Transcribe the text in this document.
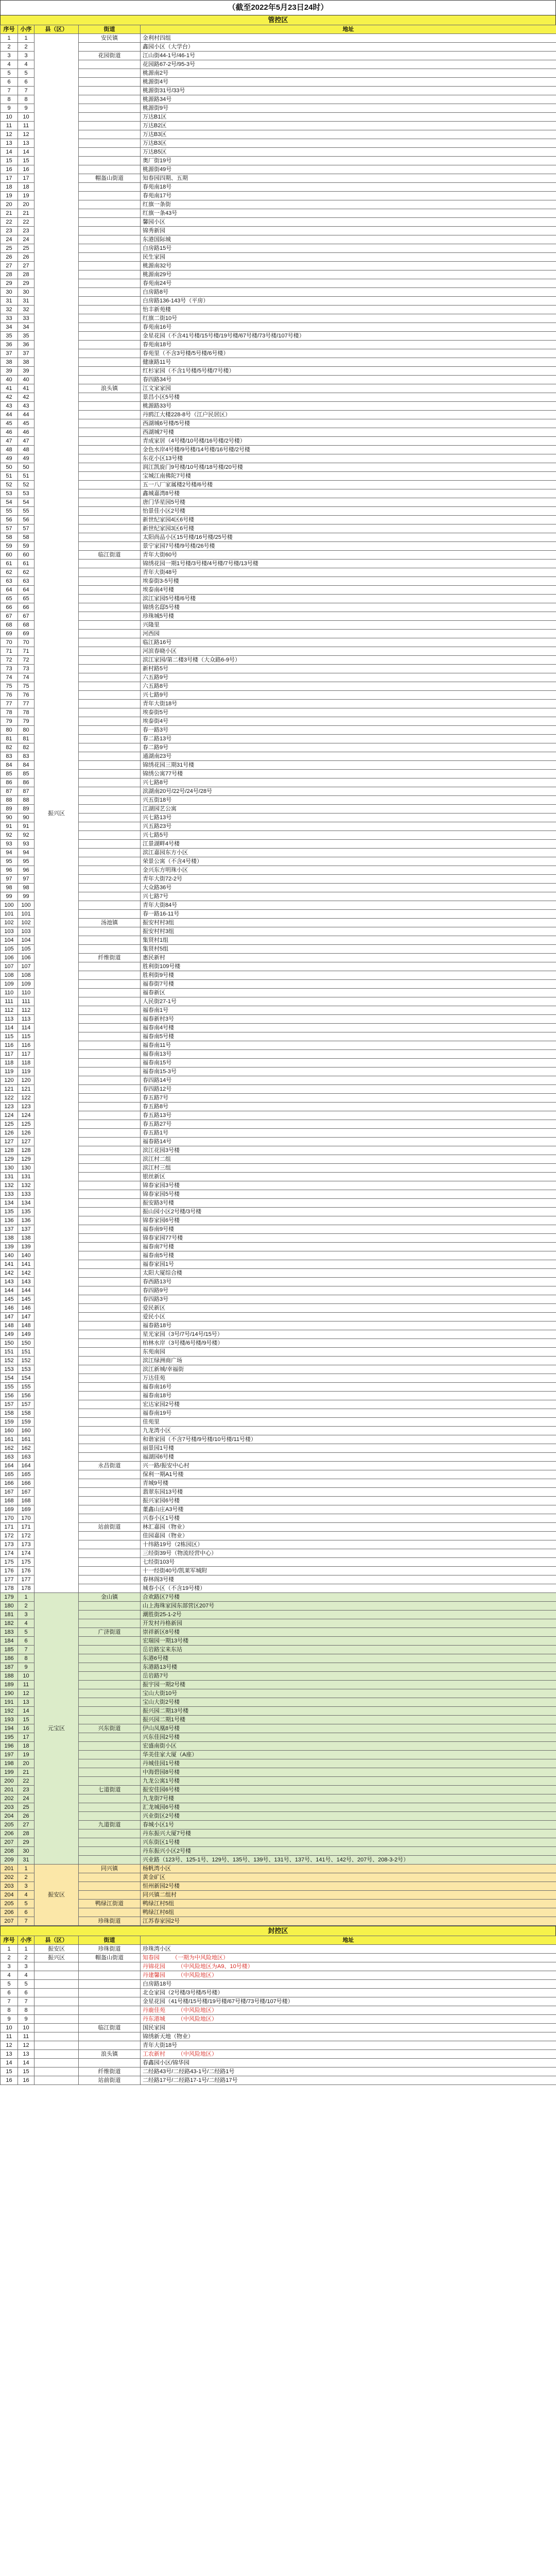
（截至2022年5月23日24时）
管控区
序号	小序	县（区）	街道	地址
1	1	振兴区	安民镇	金利村四组
2	2			鑫园小区（大学台）
3	3		花园街道	江山街44-1号/46-1号
4	4			花园路67-2号/95-3号
5	5			桃源南2号
6	6			桃源街4号
7	7			桃源街31号/33号
8	8			桃源路34号
9	9			桃源街9号
10	10			万达B1区
11	11			万达B2区
12	12			万达B3区
13	13			万达B3区
14	14			万达B5区
15	15			奥厂街19号
16	16			桃源街49号
17	17		帽盔山街道	知春园四期、五期
18	18			春苑南18号
19	19			春苑南17号
20	20			红旗一条街
21	21			红旗一条43号
22	22			馨园小区
23	23			锦秀新园
24	24			东港国际城
25	25			白房路15号
26	26			民生家园
27	27			桃源南32号
28	28			桃源南29号
29	29			春苑南24号
30	30			白房路8号
31	31			白房路136-143号（平房）
32	32			怡丰新苑楼
33	33			红旗二街10号
34	34			春苑南16号
35	35			金星花园（不含41号楼/15号楼/19号楼/67号楼/73号楼/107号楼）
36	36			春苑南18号
37	37			春苑里（不含3号楼/5号楼/6号楼）
38	38			健康路11号
39	39			红杉家园（不含1号楼/5号楼/7号楼）
40	40			春四路34号
41	41		浪头镇	江文家家园
42	42			景昌小区5号楼
43	43			桃源路33号
44	44			丹鸥江大楼228-8号（江户民居区）
45	45			西湖城6号楼/5号楼
46	46			西湖城7号楼
47	47			青成家居（4号楼/10号楼/16号楼/2号楼）
48	48			金色水岸4号楼/9号楼/14号楼/16号楼/2号楼
49	49			东花小区13号楼
50	50			润江凯旋门9号楼/10号楼/18号楼/20号楼
51	51			宝城江南佛陀7号楼
52	52			五一八厂家属楼2号楼/6号楼
53	53			鑫城嘉湾8号楼
54	54			唐门华星园5号楼
55	55			怡景佳小区2号楼
56	56			新世纪家园4区6号楼
57	57			新世纪家园3区6号楼
58	58			太阳尚品小区15号楼/16号楼/25号楼
59	59			景宁家园7号楼/9号楼/26号楼
60	60		临江街道	青年大街60号
61	61			锦绣花园一期1号楼/3号楼/4号楼/7号楼/13号楼
62	62			青年大街48号
63	63			埃泰街3-5号楼
64	64			埃泰南4号楼
65	65			滨江家园5号楼/6号楼
66	66			锦绣名邸5号楼
67	67			珍珠城5号楼
68	68			兴隆里
69	69			河西园
70	70			临江路16号
71	71			河滨春晓小区
72	72			滨江家园/第二楼3号楼（大众路6-9号）
73	73			新村路5号
74	74			六五路9号
75	75			六五路8号
76	76			兴七路9号
77	77			青年大街18号
78	78			埃泰街5号
79	79			埃泰街4号
80	80			春一路3号
81	81			春二路13号
82	82			春二路9号
83	83			通湖南23号
84	84			锦绣花园三期31号楼
85	85			锦绣公寓77号楼
86	86			兴七路8号
87	87			滨湖南20号/22号/24号/28号
88	88			兴五街18号
89	89			江湖园艺公寓
90	90			兴七路13号
91	91			兴五路23号
92	92			兴七路5号
93	93			江景湖畔4号楼
94	94			滨江嘉园东方小区
95	95			荣景公寓（不含4号楼）
96	96			金兴东方明珠小区
97	97			青年大街72-2号
98	98			大众路36号
99	99			兴七路7号
100	100			青年大街84号
101	101			春一路16-11号
102	102		汤池镇	振安村村3组
103	103			振安村村3组
104	104			集贤村1组
105	105			集贤村5组
106	106		纤维街道	惠民新村
107	107			胜利街109号楼
108	108			胜利街9号楼
109	109			福春街7号楼
110	110			福春新区
111	111			人民街27-1号
112	112			福春南1号
113	113			福春新村3号
114	114			福春南4号楼
115	115			福春南5号楼
116	116			福春南11号
117	117			福春南13号
118	118			福春南15号
119	119			福春南15-3号
120	120			春四路14号
121	121			春四路12号
122	122			春五路7号
123	123			春五路8号
124	124			春五路13号
125	125			春五路27号
126	126			春五路1号
127	127			福春路14号
128	128			滨江花园3号楼
129	129			滨江村二组
130	130			滨江村三组
131	131			银丝新区
132	132			锦春家园3号楼
133	133			锦春家园5号楼
134	134			振安路3号楼
135	135			振山园小区2号楼/3号楼
136	136			锦春家园6号楼
137	137			福春南9号楼
138	138			锦春家园77号楼
139	139			福春南7号楼
140	140			福春南5号楼
141	141			福春家园1号
142	142			太阳大厦综合楼
143	143			春西路13号
144	144			春四路9号
145	145			春四路3号
146	146			爱民新区
147	147			爱民小区
148	148			福春路18号
149	149			星光家园（3号/7号/14号/15号）
150	150			柏林水岸（3号楼/6号楼/9号楼）
151	151			东苑南园
152	152			滨江绿洲商广场
153	153			滨江新城/幸福街
154	154			万达佳苑
155	155			福春南16号
156	156			福春南18号
157	157			宏达家园2号楼
158	158			福春南19号
159	159			佳苑里
160	160			九龙湾小区
161	161			和谐家园（不含7号楼/9号楼/10号楼/11号楼）
162	162			丽景园1号楼
163	163			福湖园6号楼
164	164		永昌街道	兴一路/振安中心村
165	165			保利一期A1号楼
166	166			青城9号楼
167	167			翡翠东园13号楼
168	168			振兴家园6号楼
169	169			董鑫山庄A3号楼
170	170			兴春小区1号楼
171	171		站前街道	林汇嘉园（物业）
172	172			佳园嘉园（物业）
173	173			十纬路19号（2栋园区）
174	174			三经街39号（物流经营中心）
175	175			七经街103号
176	176			十一经街40号/凯莱军城附
177	177			春林阁3号楼
178	178			城春小区（不含19号楼）
179	1	元宝区	金山镇	合欢路区7号楼
180	2			山上海珠家园东部营区207号
181	3			潮胜街25-1-2号
182	4			开发村丹格新园
183	5		广济街道	崇祥新区8号楼
184	6			宏瑞园一期13号楼
185	7			岳岩路宝来东站
186	8			东港6号楼
187	9			东港路13号楼
188	10			岳岩路7号
189	11			振宇园一期2号楼
190	12			宝山大街10号
191	13			宝山大街2号楼
192	14			振兴园二期13号楼
193	15			振兴园二期1号楼
194	16		兴东街道	伊山凤凰8号楼
195	17			兴东佳园2号楼
196	18			宏盛南街小区
197	19			华美佳家大厦（A座）
198	20			丹城佳园1号楼
199	21			中海碧园8号楼
200	22			九龙公寓1号楼
201	23		七道街道	振安佳园6号楼
202	24			九龙街7号楼
203	25			汇龙城园6号楼
204	26			兴业街区2号楼
205	27		九道街道	春城小区1号
206	28			丹东振兴大厦7号楼
207	29			兴东街区1号楼
208	30			丹东振兴小区2号楼
209	31			兴业路（123号、125-1号、129号、135号、139号、131号、137号、141号、142号、207号、208-3-2号）
201	1	振安区	同兴镇	杨帆湾小区
202	2			黄金矿区
203	3			恒州新园2号楼
204	4			同兴镇二组村
205	5		鸭绿江街道	鸭绿江村5组
206	6			鸭绿江村6组
207	7		珍珠街道	江苏春家园2号
封控区
序号	小序	县（区）	街道	地址
1	1	振安区	珍珠街道	珍珠湾小区
2	2	振兴区	帽盔山街道	知春园 （一期为中风险地区）
3	3			丹锦花园 （中风险地区为A9、10号楼）
4	4			丹建馨园 （中风险地区）
5	5			白房路18号
6	6			北仓家园（2号楼/3号楼/5号楼）
7	7			金星花园（41号楼/15号楼/19号楼/67号楼/73号楼/107号楼）
8	8			丹鹿佳苑 （中风险地区）
9	9			丹东港城 （中风险地区）
10	10		临江街道	国民家园
11	11			锦绣新天地（物业）
12	12			青年大街18号
13	13		浪头镇	工农新村 （中风险地区）
14	14			春鑫园小区/锦华园
15	15		纤维街道	二经路43号/二经路43-1号/二经路1号
16	16		站前街道	二经路17号/二经路17-1号/二经路17号
